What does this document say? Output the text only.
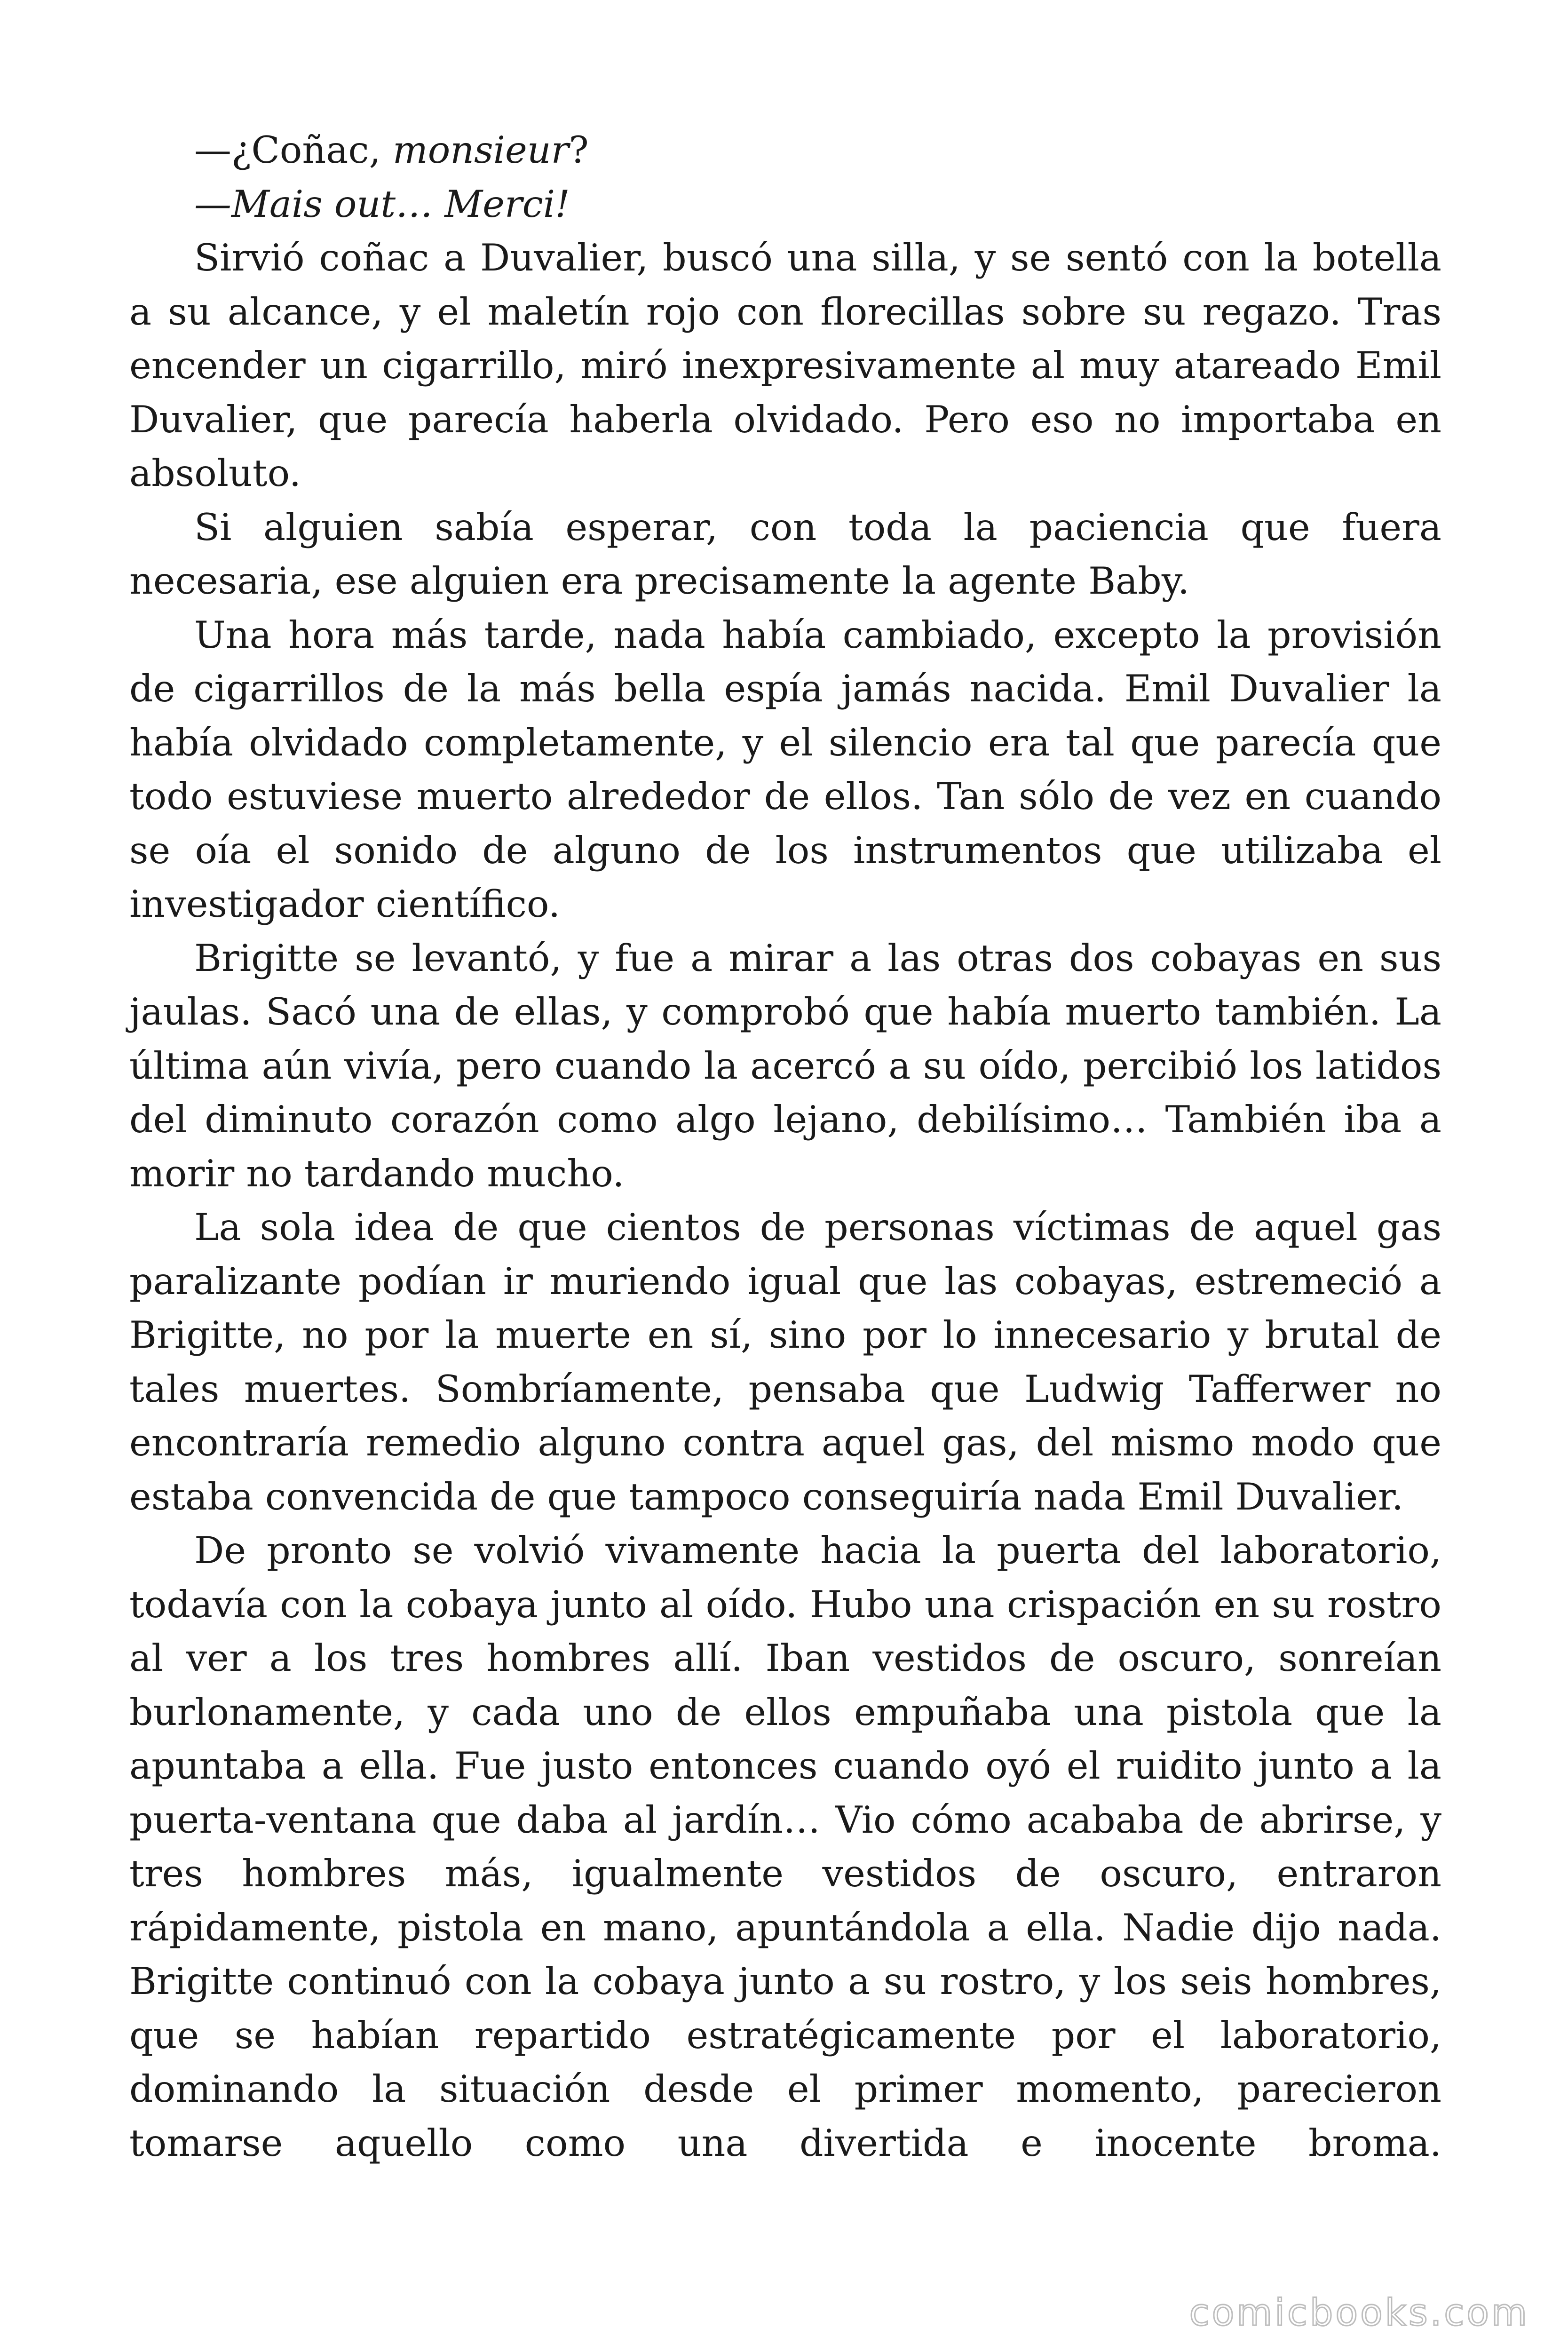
—¿Coñac, monsieur?

—Mais out… Merci!

Sirvió coñac a Duvalier, buscó una silla, y se sentó con la botella a su alcance, y el maletín rojo con florecillas sobre su regazo. Tras encender un cigarrillo, miró inexpresivamente al muy atareado Emil Duvalier, que parecía haberla olvidado. Pero eso no importaba en absoluto.

Si alguien sabía esperar, con toda la paciencia que fuera necesaria, ese alguien era precisamente la agente Baby.

Una hora más tarde, nada había cambiado, excepto la provisión de cigarrillos de la más bella espía jamás nacida. Emil Duvalier la había olvidado completamente, y el silencio era tal que parecía que todo estuviese muerto alrededor de ellos. Tan sólo de vez en cuando se oía el sonido de alguno de los instrumentos que utilizaba el investigador científico.

Brigitte se levantó, y fue a mirar a las otras dos cobayas en sus jaulas. Sacó una de ellas, y comprobó que había muerto también. La última aún vivía, pero cuando la acercó a su oído, percibió los latidos del diminuto corazón como algo lejano, debilísimo… También iba a morir no tardando mucho.

La sola idea de que cientos de personas víctimas de aquel gas paralizante podían ir muriendo igual que las cobayas, estremeció a Brigitte, no por la muerte en sí, sino por lo innecesario y brutal de tales muertes. Sombríamente, pensaba que Ludwig Tafferwer no encontraría remedio alguno contra aquel gas, del mismo modo que estaba convencida de que tampoco conseguiría nada Emil Duvalier.

De pronto se volvió vivamente hacia la puerta del laboratorio, todavía con la cobaya junto al oído. Hubo una crispación en su rostro al ver a los tres hombres allí. Iban vestidos de oscuro, sonreían burlonamente, y cada uno de ellos empuñaba una pistola que la apuntaba a ella. Fue justo entonces cuando oyó el ruidito junto a la puerta-ventana que daba al jardín… Vio cómo acababa de abrirse, y tres hombres más, igualmente vestidos de oscuro, entraron rápidamente, pistola en mano, apuntándola a ella. Nadie dijo nada. Brigitte continuó con la cobaya junto a su rostro, y los seis hombres, que se habían repartido estratégicamente por el laboratorio, dominando la situación desde el primer momento, parecieron tomarse aquello como una divertida e inocente broma.

comicbooks.com
